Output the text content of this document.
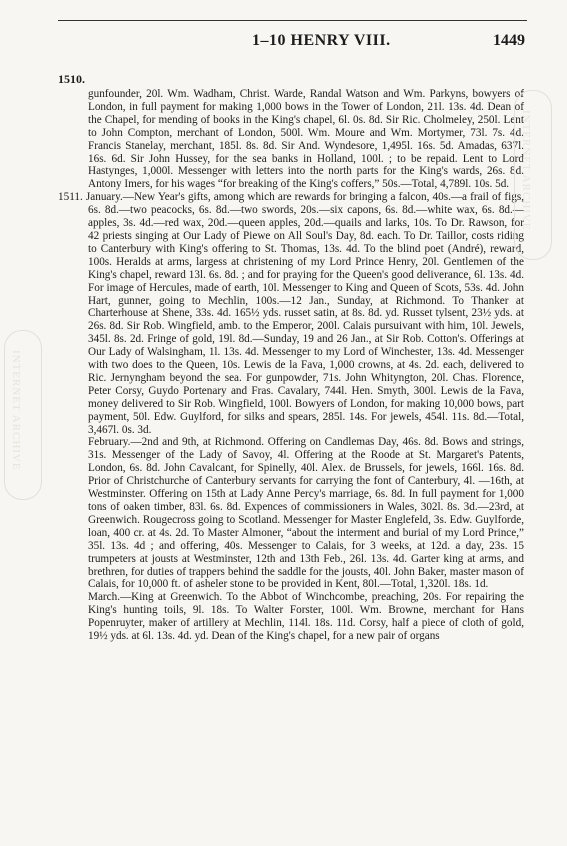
1–10 HENRY VIII.	1449
1510.

gunfounder, 20l. Wm. Wadham, Christ. Warde, Randal Watson and Wm. Parkyns, bowyers of London, in full payment for making 1,000 bows in the Tower of London, 21l. 13s. 4d. Dean of the Chapel, for mending of books in the King's chapel, 6l. 0s. 8d. Sir Ric. Cholmeley, 250l. Lent to John Compton, merchant of London, 500l. Wm. Moure and Wm. Mortymer, 73l. 7s. 4d. Francis Stanelay, merchant, 185l. 8s. 8d. Sir And. Wyndesore, 1,495l. 16s. 5d. Amadas, 637l. 16s. 6d. Sir John Hussey, for the sea banks in Holland, 100l. ; to be repaid. Lent to Lord Hastynges, 1,000l. Messenger with letters into the north parts for the King's wards, 26s. 8d. Antony Imers, for his wages “for breaking of the King's coffers,” 50s.—Total, 4,789l. 10s. 5d.

1511. January.—New Year's gifts, among which are rewards for bringing a falcon, 40s.—a frail of figs, 6s. 8d.—two peacocks, 6s. 8d.—two swords, 20s.—six capons, 6s. 8d.—white wax, 6s. 8d.—apples, 3s. 4d.—red wax, 20d.—queen apples, 20d.—quails and larks, 10s. To Dr. Rawson, for 42 priests singing at Our Lady of Piewe on All Soul's Day, 8d. each. To Dr. Taillor, costs riding to Canterbury with King's offering to St. Thomas, 13s. 4d. To the blind poet (André), reward, 100s. Heralds at arms, largess at christening of my Lord Prince Henry, 20l. Gentlemen of the King's chapel, reward 13l. 6s. 8d. ; and for praying for the Queen's good deliverance, 6l. 13s. 4d. For image of Hercules, made of earth, 10l. Messenger to King and Queen of Scots, 53s. 4d. John Hart, gunner, going to Mechlin, 100s.—12 Jan., Sunday, at Richmond. To Thanker at Charterhouse at Shene, 33s. 4d. 165½ yds. russet satin, at 8s. 8d. yd. Russet tylsent, 23½ yds. at 26s. 8d. Sir Rob. Wingfield, amb. to the Emperor, 200l. Calais pursuivant with him, 10l. Jewels, 345l. 8s. 2d. Fringe of gold, 19l. 8d.—Sunday, 19 and 26 Jan., at Sir Rob. Cotton's. Offerings at Our Lady of Walsingham, 1l. 13s. 4d. Messenger to my Lord of Winchester, 13s. 4d. Messenger with two does to the Queen, 10s. Lewis de la Fava, 1,000 crowns, at 4s. 2d. each, delivered to Ric. Jernyngham beyond the sea. For gunpowder, 71s. John Whityngton, 20l. Chas. Florence, Peter Corsy, Guydo Portenary and Fras. Cavalary, 744l. Hen. Smyth, 300l. Lewis de la Fava, money delivered to Sir Rob. Wingfield, 100l. Bowyers of London, for making 10,000 bows, part payment, 50l. Edw. Guylford, for silks and spears, 285l. 14s. For jewels, 454l. 11s. 8d.—Total, 3,467l. 0s. 3d.

February.—2nd and 9th, at Richmond. Offering on Candlemas Day, 46s. 8d. Bows and strings, 31s. Messenger of the Lady of Savoy, 4l. Offering at the Roode at St. Margaret's Patents, London, 6s. 8d. John Cavalcant, for Spinelly, 40l. Alex. de Brussels, for jewels, 166l. 16s. 8d. Prior of Christchurche of Canterbury servants for carrying the font of Canterbury, 4l. —16th, at Westminster. Offering on 15th at Lady Anne Percy's marriage, 6s. 8d. In full payment for 1,000 tons of oaken timber, 83l. 6s. 8d. Expences of commissioners in Wales, 302l. 8s. 3d.—23rd, at Greenwich. Rougecross going to Scotland. Messenger for Master Englefeld, 3s. Edw. Guylforde, loan, 400 cr. at 4s. 2d. To Master Almoner, “about the interment and burial of my Lord Prince,” 35l. 13s. 4d ; and offering, 40s. Messenger to Calais, for 3 weeks, at 12d. a day, 23s. 15 trumpeters at jousts at Westminster, 12th and 13th Feb., 26l. 13s. 4d. Garter king at arms, and brethren, for duties of trappers behind the saddle for the jousts, 40l. John Baker, master mason of Calais, for 10,000 ft. of asheler stone to be provided in Kent, 80l.—Total, 1,320l. 18s. 1d.

March.—King at Greenwich. To the Abbot of Winchcombe, preaching, 20s. For repairing the King's hunting toils, 9l. 18s. To Walter Forster, 100l. Wm. Browne, merchant for Hans Popenruyter, maker of artillery at Mechlin, 114l. 18s. 11d. Corsy, half a piece of cloth of gold, 19½ yds. at 6l. 13s. 4d. yd. Dean of the King's chapel, for a new pair of organs

INTERNET ARCHIVE
INTERNET ARCHIVE
